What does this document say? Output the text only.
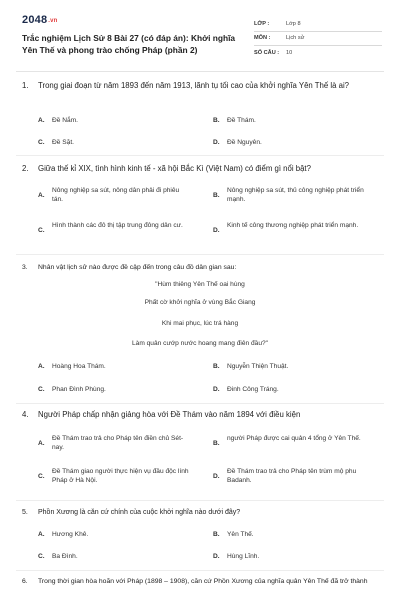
2048.vn
Trắc nghiệm Lịch Sử 8 Bài 27 (có đáp án): Khởi nghĩa Yên Thế và phong trào chống Pháp (phần 2)
LỚP :	Lớp 8
MÔN :	Lịch sử
SỐ CÂU :	10
1.	Trong giai đoạn từ năm 1893 đến năm 1913, lãnh tụ tối cao của khởi nghĩa Yên Thế là ai?
A. Đề Nắm.	B. Đề Thám.
C. Đề Sặt.	D. Đề Nguyên.
2.	Giữa thế kỉ XIX, tình hình kinh tế - xã hội Bắc Kì (Việt Nam) có điểm gì nổi bật?
A.
Nông nghiệp sa sút, nông dân phải đi phiêu tán.
B.
Nông nghiệp sa sút, thủ công nghiệp phát triển mạnh.
C.
Hình thành các đô thị tập trung đông dân cư.
D.
Kinh tế công thương nghiệp phát triển mạnh.
3.	Nhân vật lịch sử nào được đề cập đến trong câu đồ dân gian sau:
"Hùm thiêng Yên Thế oai hùng
Phất cờ khởi nghĩa ở vùng Bắc Giang
Khi mai phục, lúc trá hàng
Làm quân cướp nước hoang mang điên đầu?"
A. Hoàng Hoa Thám.	B. Nguyễn Thiện Thuật.
C. Phan Đình Phùng.	D. Đinh Công Tráng.
4.	Người Pháp chấp nhận giảng hòa với Đề Thám vào năm 1894 với điều kiện
A.
Đề Thám trao trả cho Pháp tên điền chủ Sét-nay.
B.
người Pháp được cai quản 4 tổng ở Yên Thế.
C.
Đề Thám giao người thực hiện vụ đầu độc lính Pháp ở Hà Nội.
D.
Đề Thám trao trả cho Pháp tên trùm mộ phu Badanh.
5.	Phồn Xương là căn cứ chính của cuộc khởi nghĩa nào dưới đây?
A. Hương Khê.	B. Yên Thế.
C. Ba Đình.	D. Hùng Lĩnh.
6.	Trong thời gian hòa hoãn với Pháp (1898 – 1908), căn cứ Phồn Xương của nghĩa quân Yên Thế đã trở thành
